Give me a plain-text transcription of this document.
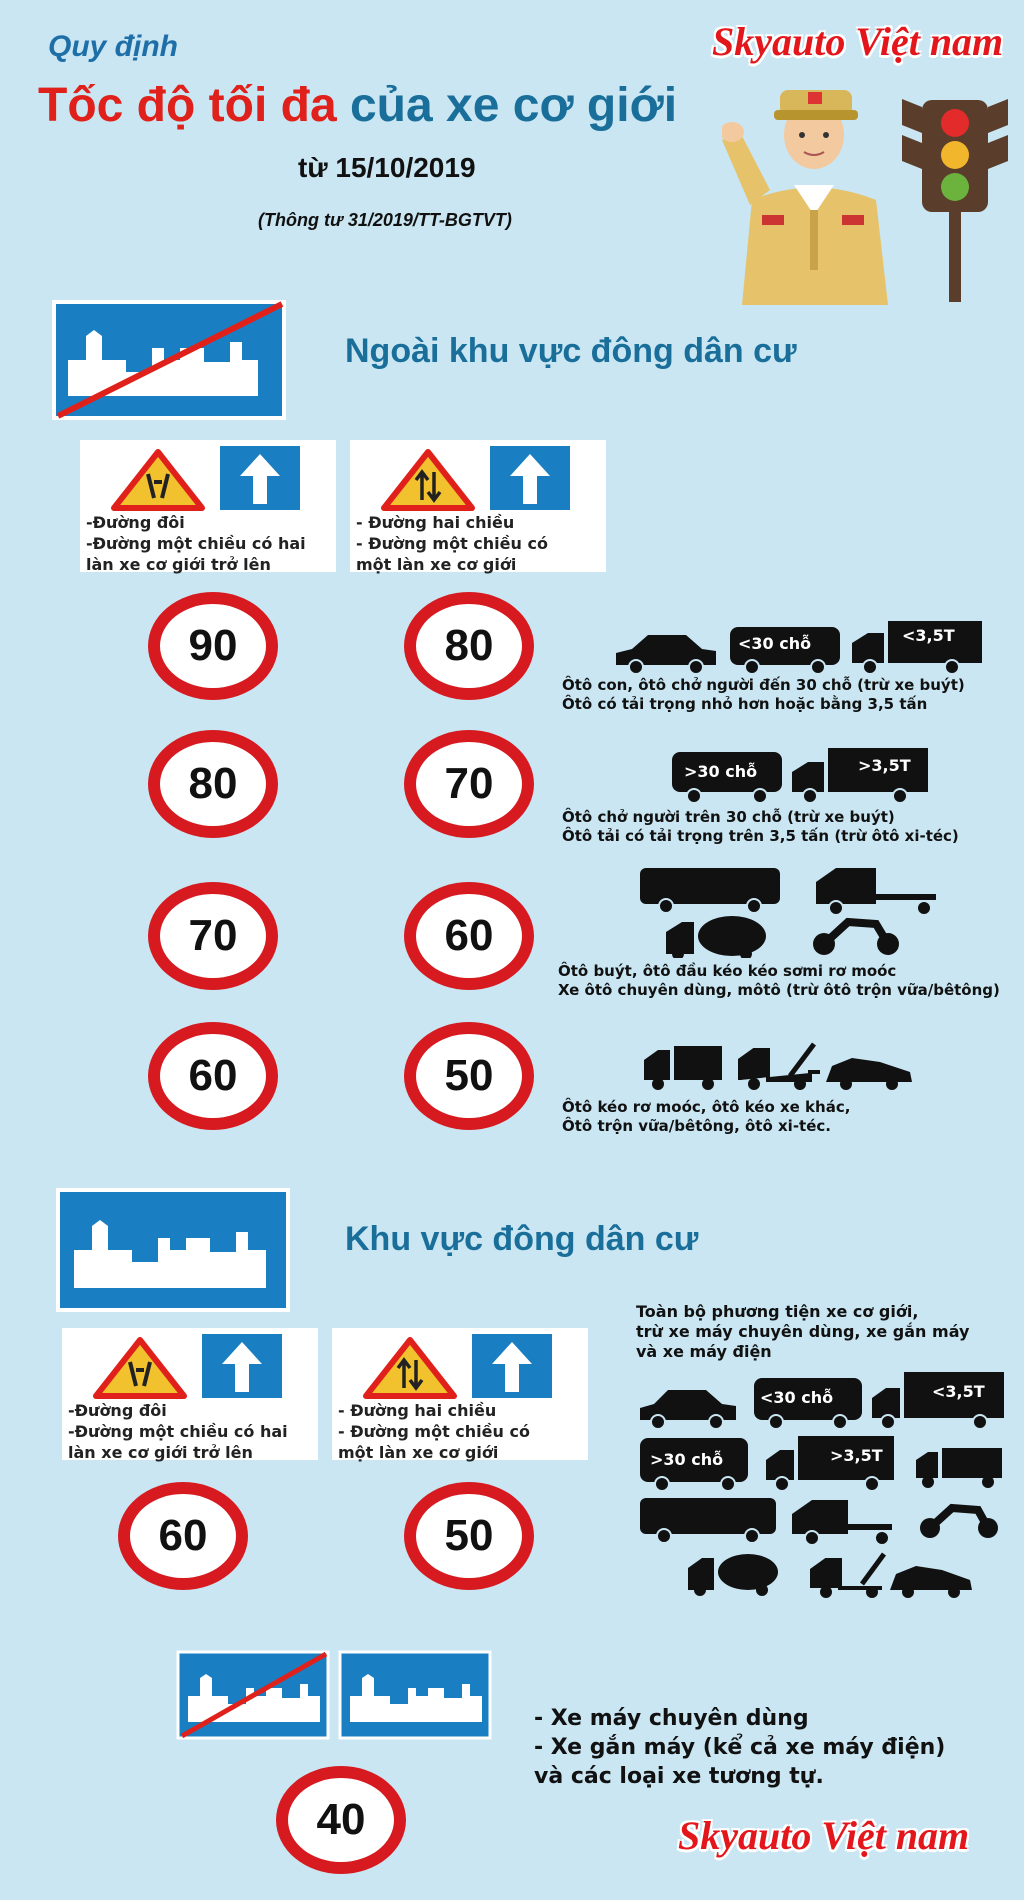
Quy định
Tốc độ tối đa của xe cơ giới
từ 15/10/2019
(Thông tư 31/2019/TT-BGTVT)
Skyauto Việt nam
Ngoài khu vực đông dân cư
-Đường đôi
-Đường một chiều có hai
làn xe cơ giới trở lên
- Đường hai chiều
- Đường một chiều có
một làn xe cơ giới
90	80	<30 chỗ	<3,5T
Ôtô con, ôtô chở người đến 30 chỗ (trừ xe buýt)
Ôtô có tải trọng nhỏ hơn hoặc bằng 3,5 tấn
80	70	>30 chỗ	>3,5T
Ôtô chở người trên 30 chỗ (trừ xe buýt)
Ôtô tải có tải trọng trên 3,5 tấn (trừ ôtô xi-téc)
70	60
Ôtô buýt, ôtô đầu kéo kéo sơmi rơ moóc
Xe ôtô chuyên dùng, môtô (trừ ôtô trộn vữa/bêtông)
60	50
Ôtô kéo rơ moóc, ôtô kéo xe khác,
Ôtô trộn vữa/bêtông, ôtô xi-téc.
Khu vực đông dân cư
-Đường đôi
-Đường một chiều có hai
làn xe cơ giới trở lên
- Đường hai chiều
- Đường một chiều có
một làn xe cơ giới
60	50
Toàn bộ phương tiện xe cơ giới,
trừ xe máy chuyên dùng, xe gắn máy
và xe máy điện
<30 chỗ	<3,5T
>30 chỗ	>3,5T
40
- Xe máy chuyên dùng
- Xe gắn máy (kể cả xe máy điện)
và các loại xe tương tự.
Skyauto Việt nam
